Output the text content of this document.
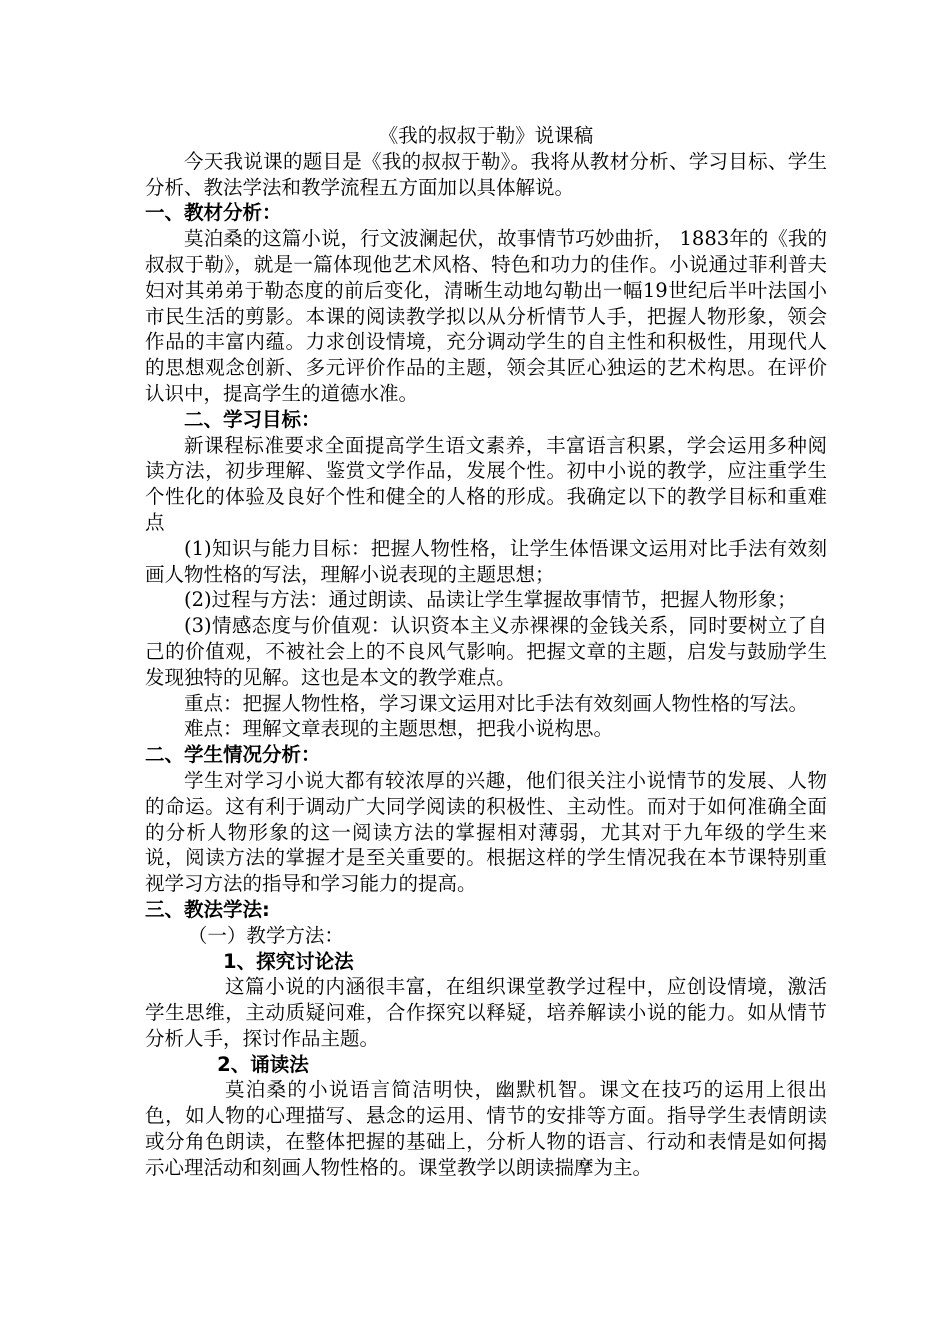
《我的叔叔于勒》说课稿

今天我说课的题目是《我的叔叔于勒》。我将从教材分析、学习目标、学生分析、教法学法和教学流程五方面加以具体解说。

一、教材分析：

莫泊桑的这篇小说，行文波澜起伏，故事情节巧妙曲折， 1883年的《我的叔叔于勒》，就是一篇体现他艺术风格、特色和功力的佳作。小说通过菲利普夫妇对其弟弟于勒态度的前后变化，清晰生动地勾勒出一幅19世纪后半叶法国小市民生活的剪影。本课的阅读教学拟以从分析情节人手，把握人物形象，领会作品的丰富内蕴。力求创设情境，充分调动学生的自主性和积极性，用现代人的思想观念创新、多元评价作品的主题，领会其匠心独运的艺术构思。在评价认识中，提高学生的道德水准。

二、学习目标：

新课程标准要求全面提高学生语文素养，丰富语言积累，学会运用多种阅读方法，初步理解、鉴赏文学作品，发展个性。初中小说的教学，应注重学生个性化的体验及良好个性和健全的人格的形成。我确定以下的教学目标和重难点

(1)知识与能力目标：把握人物性格，让学生体悟课文运用对比手法有效刻画人物性格的写法，理解小说表现的主题思想；

(2)过程与方法：通过朗读、品读让学生掌握故事情节，把握人物形象；

(3)情感态度与价值观：认识资本主义赤裸裸的金钱关系，同时要树立了自己的价值观，不被社会上的不良风气影响。把握文章的主题，启发与鼓励学生发现独特的见解。这也是本文的教学难点。

重点：把握人物性格，学习课文运用对比手法有效刻画人物性格的写法。

难点：理解文章表现的主题思想，把我小说构思。

二、学生情况分析：

学生对学习小说大都有较浓厚的兴趣，他们很关注小说情节的发展、人物的命运。这有利于调动广大同学阅读的积极性、主动性。而对于如何准确全面的分析人物形象的这一阅读方法的掌握相对薄弱，尤其对于九年级的学生来说，阅读方法的掌握才是至关重要的。根据这样的学生情况我在本节课特别重视学习方法的指导和学习能力的提高。

三、教法学法:

（一）教学方法：

1、探究讨论法

这篇小说的内涵很丰富，在组织课堂教学过程中，应创设情境，激活学生思维，主动质疑问难，合作探究以释疑，培养解读小说的能力。如从情节分析人手，探讨作品主题。

2、诵读法

莫泊桑的小说语言简洁明快，幽默机智。课文在技巧的运用上很出色，如人物的心理描写、悬念的运用、情节的安排等方面。指导学生表情朗读或分角色朗读，在整体把握的基础上，分析人物的语言、行动和表情是如何揭示心理活动和刻画人物性格的。课堂教学以朗读揣摩为主。
